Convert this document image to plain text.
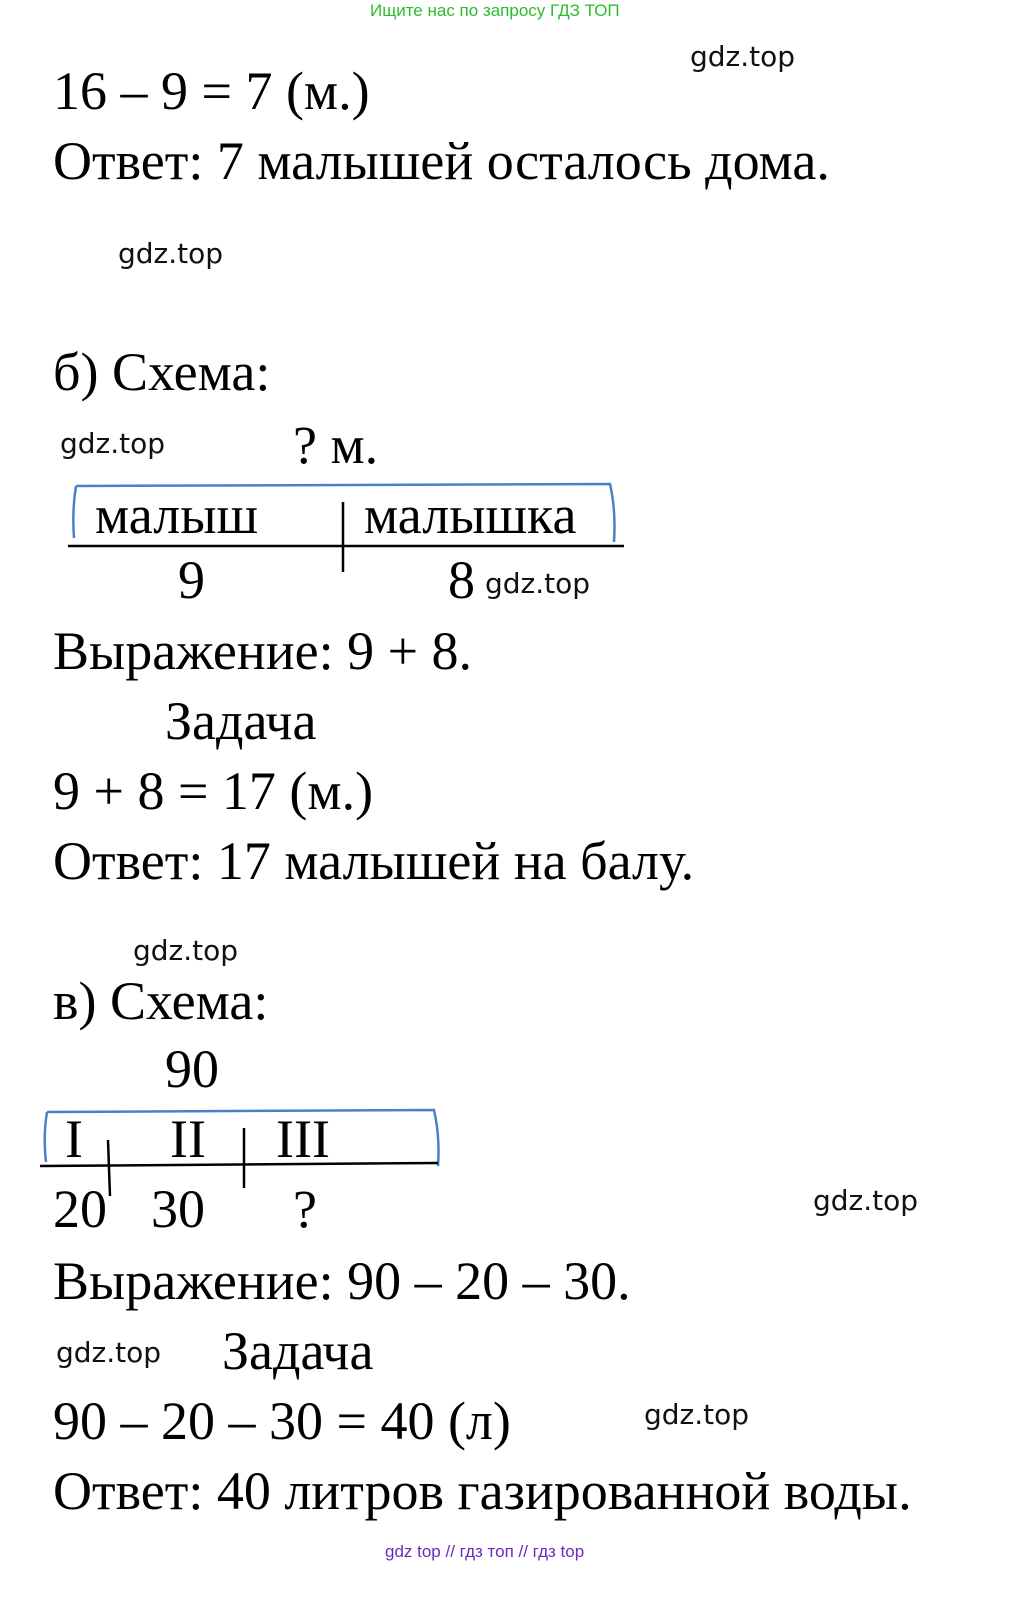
Ищите нас по запросу ГДЗ ТОП
16 – 9 = 7 (м.)
Ответ: 7 малышей осталось дома.
б) Схема:
? м.
малыш малышка
9	8
Выражение: 9 + 8.
Задача
9 + 8 = 17 (м.)
Ответ: 17 малышей на балу.
в) Схема:
90
I II III
20 30 ?
Выражение: 90 – 20 – 30.
Задача
90 – 20 – 30 = 40 (л)
Ответ: 40 литров газированной воды.
gdz.top
gdz.top
gdz.top
gdz.top
gdz.top
gdz.top
gdz.top
gdz.top
gdz top // гдз топ // гдз top
